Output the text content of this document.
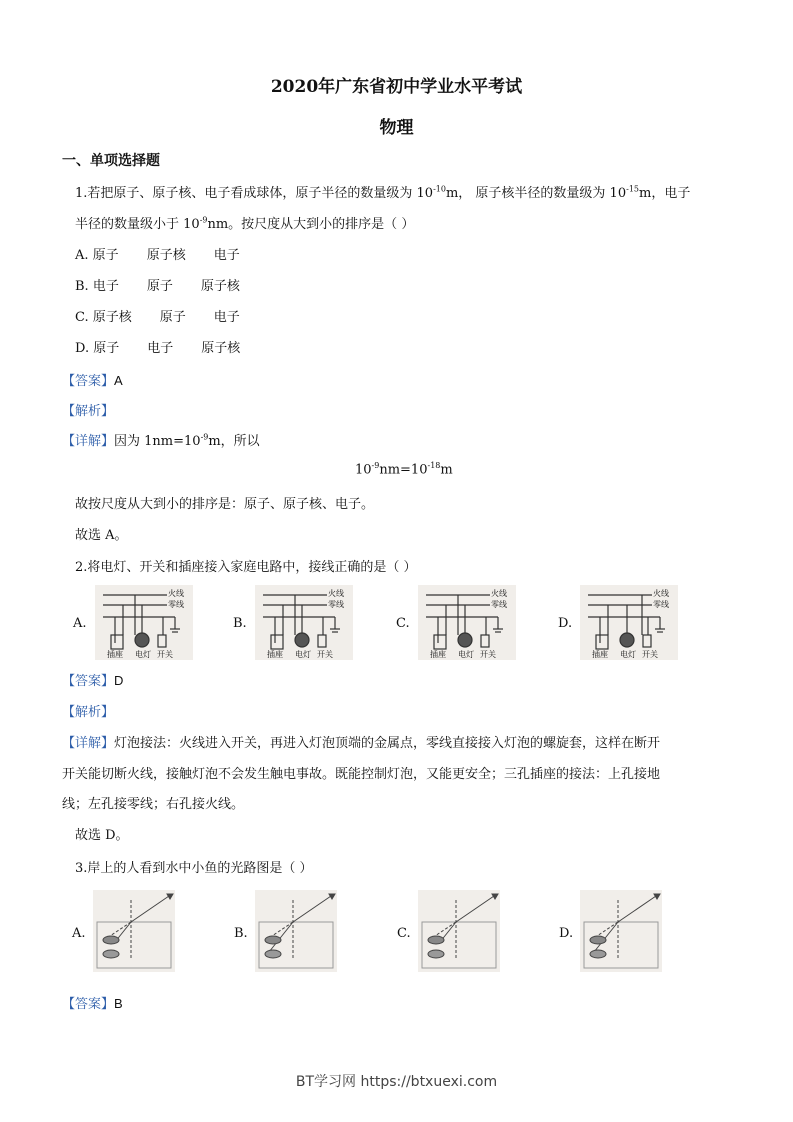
2020年广东省初中学业水平考试
物理
一、单项选择题
1.若把原子、原子核、电子看成球体，原子半径的数量级为 $10^{-10}m$， 原子核半径的数量级为 $10^{-15}m$，电子
半径的数量级小于 $10^{-9}nm$。按尺度从大到小的排序是（ ）
A. 原子 原子核 电子
B. 电子 原子 原子核
C. 原子核 原子 电子
D. 原子 电子 原子核
【答案】A
【解析】
【详解】因为 $1nm=10^{-9}m$，所以
$10^{-9}nm=10^{-18}m$
故按尺度从大到小的排序是：原子、原子核、电子。
故选 A。
2.将电灯、开关和插座接入家庭电路中，接线正确的是（ ）
A.
火线
零线
插座 电灯 开关
B.
火线
零线
插座 电灯 开关
C.
火线
零线
插座 电灯 开关
D.
火线
零线
插座 电灯 开关
【答案】D
【解析】
【详解】灯泡接法：火线进入开关，再进入灯泡顶端的金属点，零线直接接入灯泡的螺旋套，这样在断开
开关能切断火线，接触灯泡不会发生触电事故。既能控制灯泡，又能更安全；三孔插座的接法：上孔接地
线；左孔接零线；右孔接火线。
故选 D。
3.岸上的人看到水中小鱼的光路图是（ ）
A.	B.	C.	D.
【答案】B
BT学习网 https://btxuexi.com
